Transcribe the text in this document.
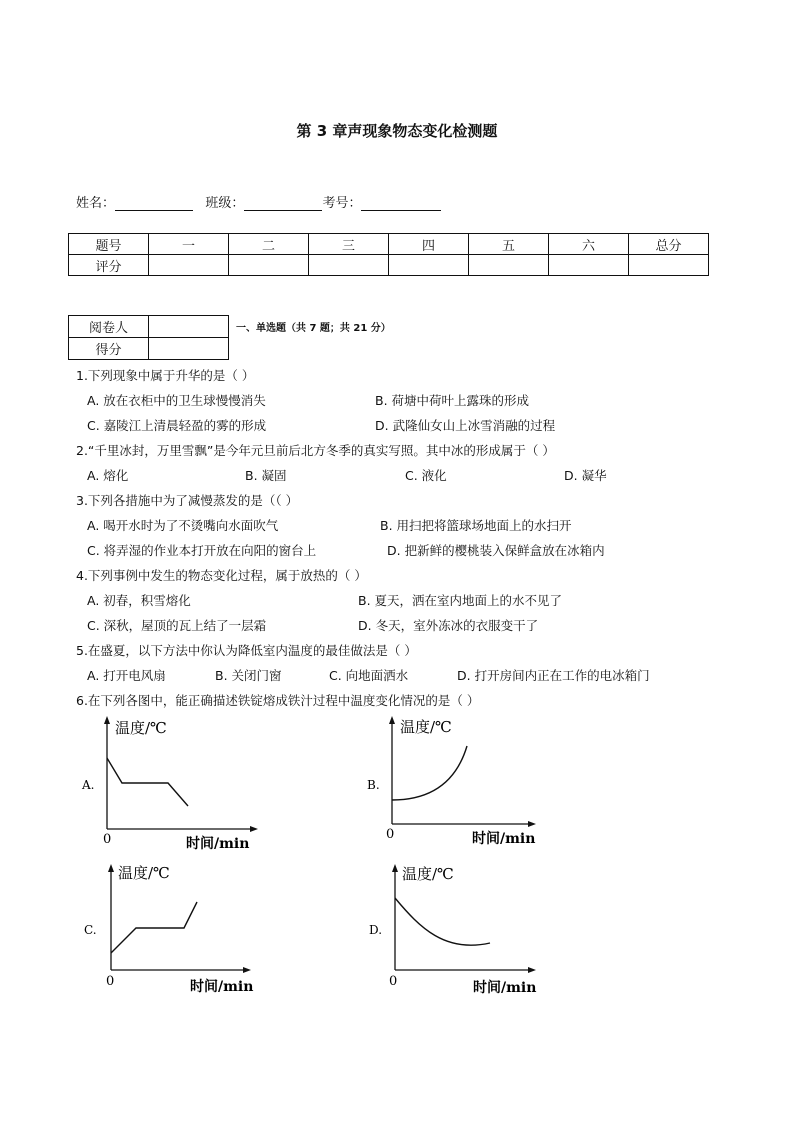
第 3 章声现象物态变化检测题
姓名：	班级：	考号：
题号	一	二	三	四	五	六	总分
评分							
阅卷人	
得分	
一、单选题（共 7 题；共 21 分）
1.下列现象中属于升华的是（ ）
A. 放在衣柜中的卫生球慢慢消失	B. 荷塘中荷叶上露珠的形成
C. 嘉陵江上清晨轻盈的雾的形成	D. 武隆仙女山上冰雪消融的过程
2.“千里冰封，万里雪飘”是今年元旦前后北方冬季的真实写照。其中冰的形成属于（ ）
A. 熔化	B. 凝固	C. 液化	D. 凝华
3.下列各措施中为了减慢蒸发的是（（ ）
A. 喝开水时为了不烫嘴向水面吹气	B. 用扫把将篮球场地面上的水扫开
C. 将弄湿的作业本打开放在向阳的窗台上	D. 把新鲜的樱桃装入保鲜盒放在冰箱内
4.下列事例中发生的物态变化过程，属于放热的（ ）
A. 初春，积雪熔化	B. 夏天，洒在室内地面上的水不见了
C. 深秋，屋顶的瓦上结了一层霜	D. 冬天，室外冻冰的衣服变干了
5.在盛夏，以下方法中你认为降低室内温度的最佳做法是（ ）
A. 打开电风扇	B. 关闭门窗	C. 向地面洒水	D. 打开房间内正在工作的电冰箱门
6.在下列各图中，能正确描述铁锭熔成铁汁过程中温度变化情况的是（ ）
A.
温度/℃
0	时间/min
B.
温度/℃
0	时间/min
C.
温度/℃
0	时间/min
D.
温度/℃
0	时间/min
